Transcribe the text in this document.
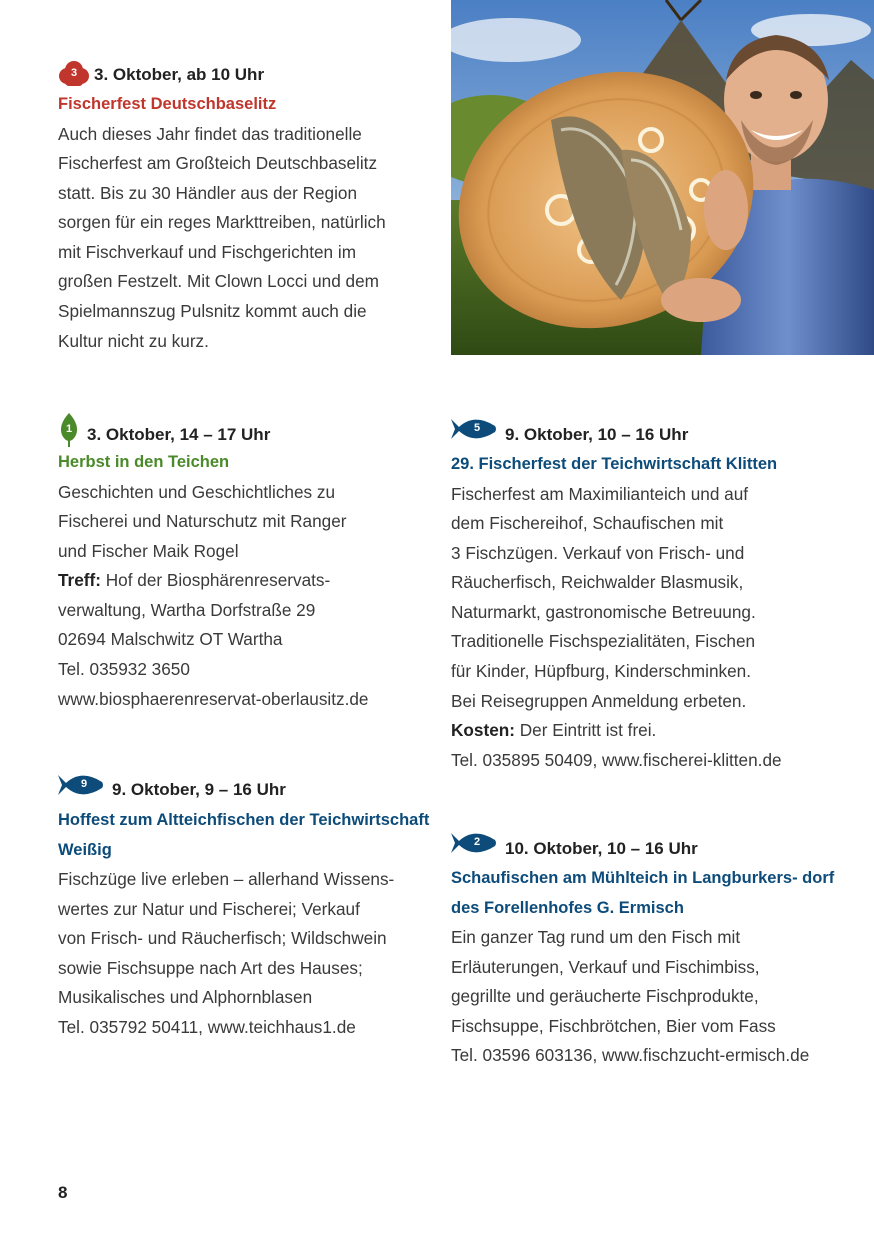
3 3. Oktober, ab 10 Uhr
Fischerfest Deutschbaselitz
Auch dieses Jahr findet das traditionelle
Fischerfest am Großteich Deutschbaselitz
statt. Bis zu 30 Händler aus der Region
sorgen für ein reges Markttreiben, natürlich
mit Fischverkauf und Fischgerichten im
großen Festzelt. Mit Clown Locci und dem
Spielmannszug Pulsnitz kommt auch die
Kultur nicht zu kurz.
1 3. Oktober, 14 – 17 Uhr
Herbst in den Teichen
Geschichten und Geschichtliches zu
Fischerei und Naturschutz mit Ranger
und Fischer Maik Rogel
Treff: Hof der Biosphärenreservats-
verwaltung, Wartha Dorfstraße 29
02694 Malschwitz OT Wartha
Tel. 035932 3650
www.biosphaerenreservat-oberlausitz.de
9	9. Oktober, 9 – 16 Uhr
Hoffest zum Altteichfischen der Teichwirtschaft Weißig
Fischzüge live erleben – allerhand Wissens-
wertes zur Natur und Fischerei; Verkauf
von Frisch- und Räucherfisch; Wildschwein
sowie Fischsuppe nach Art des Hauses;
Musikalisches und Alphornblasen
Tel. 035792 50411, www.teichhaus1.de
5	9. Oktober, 10 – 16 Uhr
29. Fischerfest der Teichwirtschaft Klitten
Fischerfest am Maximilianteich und auf
dem Fischereihof, Schaufischen mit
3 Fischzügen. Verkauf von Frisch- und
Räucherfisch, Reichwalder Blasmusik,
Naturmarkt, gastronomische Betreuung.
Traditionelle Fischspezialitäten, Fischen
für Kinder, Hüpfburg, Kinderschminken.
Bei Reisegruppen Anmeldung erbeten.
Kosten: Der Eintritt ist frei.
Tel. 035895 50409, www.fischerei-klitten.de
2	10. Oktober, 10 – 16 Uhr
Schaufischen am Mühlteich in Langburkers- dorf des Forellenhofes G. Ermisch
Ein ganzer Tag rund um den Fisch mit
Erläuterungen, Verkauf und Fischimbiss,
gegrillte und geräucherte Fischprodukte,
Fischsuppe, Fischbrötchen, Bier vom Fass
Tel. 03596 603136, www.fischzucht-ermisch.de
8
